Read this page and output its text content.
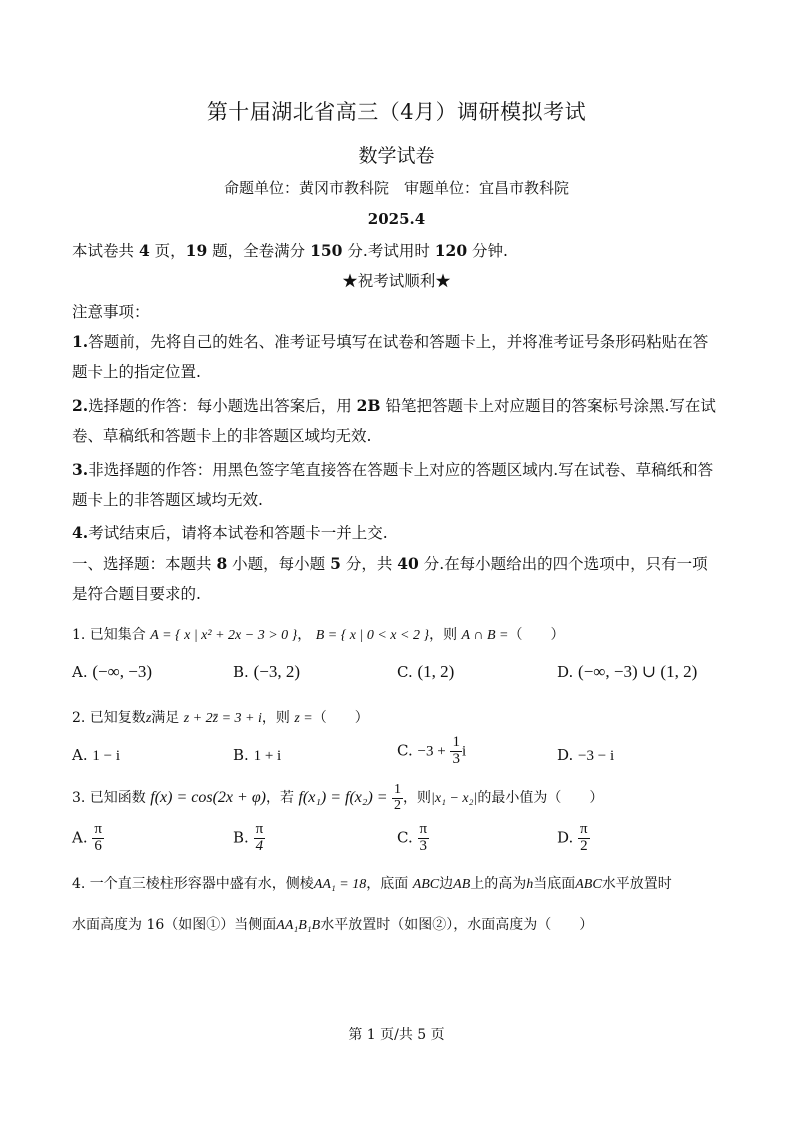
第十届湖北省高三（4月）调研模拟考试
数学试卷
命题单位：黄冈市教科院　审题单位：宜昌市教科院
2025.4
本试卷共 4 页，19 题，全卷满分 150 分.考试用时 120 分钟.
★祝考试顺利★
注意事项：
1.答题前，先将自己的姓名、准考证号填写在试卷和答题卡上，并将准考证号条形码粘贴在答题卡上的指定位置.
2.选择题的作答：每小题选出答案后，用 2B 铅笔把答题卡上对应题目的答案标号涂黑.写在试卷、草稿纸和答题卡上的非答题区域均无效.
3.非选择题的作答：用黑色签字笔直接答在答题卡上对应的答题区域内.写在试卷、草稿纸和答题卡上的非答题区域均无效.
4.考试结束后，请将本试卷和答题卡一并上交.
一、选择题：本题共 8 小题，每小题 5 分，共 40 分.在每小题给出的四个选项中，只有一项是符合题目要求的.
1. 已知集合 A = { x | x² + 2x − 3 > 0 }， B = { x | 0 < x < 2 }，则 A ∩ B =（　　）
A. (−∞, −3)	B. (−3, 2)	C. (1, 2)	D. (−∞, −3) ∪ (1, 2)
2. 已知复数z满足 z + 2z̄ = 3 + i，则 z =（　　）
A. 1 − i	B. 1 + i	C. $-3 + \frac{1}{3}$ i	D. −3 − i
3. 已知函数 f(x) = cos(2x + φ)，若 $f(x_1) = f(x_2) = \frac{1}{2}$ ，则|x₁ − x₂|的最小值为（　　）
A. $\frac{\pi}{6}$	B. $\frac{\pi}{4}$	C. $\frac{\pi}{3}$	D. $\frac{\pi}{2}$
4. 一个直三棱柱形容器中盛有水，侧棱AA₁ = 18，底面 ABC边AB上的高为h当底面ABC水平放置时
水面高度为 16（如图①）当侧面AA₁B₁B水平放置时（如图②），水面高度为（　　）
第 1 页/共 5 页
